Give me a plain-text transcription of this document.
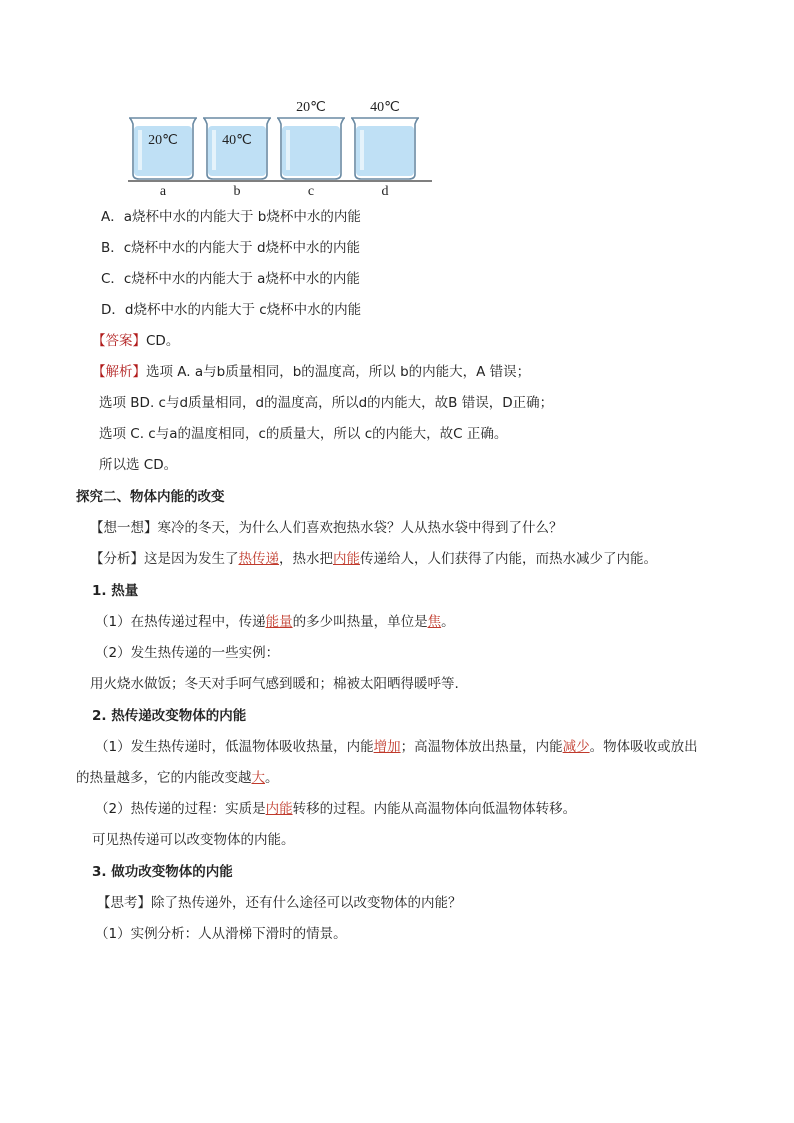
20℃
a
40℃
b
20℃
c
40℃
d
A．a烧杯中水的内能大于 b烧杯中水的内能
B．c烧杯中水的内能大于 d烧杯中水的内能
C．c烧杯中水的内能大于 a烧杯中水的内能
D．d烧杯中水的内能大于 c烧杯中水的内能
【答案】CD。
【解析】选项 A. a与b质量相同，b的温度高，所以 b的内能大，A 错误；
选项 BD. c与d质量相同，d的温度高，所以d的内能大，故B 错误，D正确；
选项 C. c与a的温度相同，c的质量大，所以 c的内能大，故C 正确。
所以选 CD。
探究二、物体内能的改变
【想一想】寒冷的冬天，为什么人们喜欢抱热水袋？人从热水袋中得到了什么？
【分析】这是因为发生了热传递，热水把内能传递给人，人们获得了内能，而热水减少了内能。
1. 热量
（1）在热传递过程中，传递能量的多少叫热量，单位是焦。
（2）发生热传递的一些实例：
用火烧水做饭；冬天对手呵气感到暖和；棉被太阳晒得暖呼等.
2. 热传递改变物体的内能
（1）发生热传递时，低温物体吸收热量，内能增加；高温物体放出热量，内能减少。物体吸收或放出
的热量越多，它的内能改变越大。
（2）热传递的过程：实质是内能转移的过程。内能从高温物体向低温物体转移。
可见热传递可以改变物体的内能。
3. 做功改变物体的内能
【思考】除了热传递外，还有什么途径可以改变物体的内能？
（1）实例分析：人从滑梯下滑时的情景。
